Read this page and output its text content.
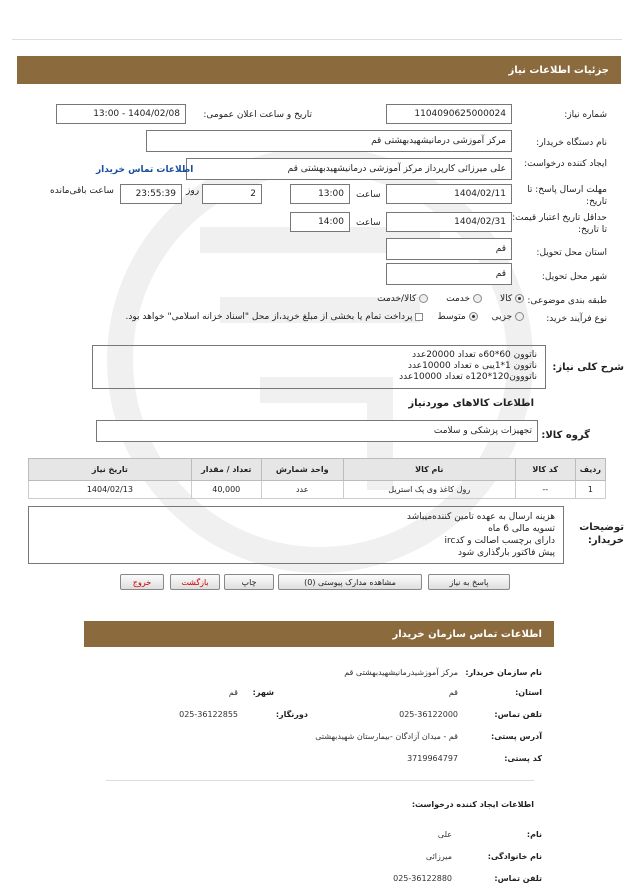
جزئیات اطلاعات نیاز
شماره نیاز:
1104090625000024
تاریخ و ساعت اعلان عمومی:
1404/02/08 - 13:00
نام دستگاه خریدار:
مرکز آموزشی درمانیشهیدبهشتی قم
ایجاد کننده درخواست:
علی میرزائی کارپرداز مرکز آموزشی درمانیشهیدبهشتی قم
اطلاعات تماس خریدار
مهلت ارسال پاسخ: تا تاریخ:
1404/02/11
ساعت
13:00
2
روز
23:55:39
ساعت باقی‌مانده
حداقل تاریخ اعتبار قیمت: تا تاریخ:
1404/02/31
ساعت
14:00
استان محل تحویل:
قم
شهر محل تحویل:
قم
طبقه بندی موضوعی:
کالا
خدمت
کالا/خدمت
نوع فرآیند خرید:
جزیی
متوسط
پرداخت تمام یا بخشی از مبلغ خرید،از محل "اسناد خزانه اسلامی" خواهد بود.
شرح کلی نیاز:
ناتوون 60*60ه تعداد 20000عدد
ناتوون 1*1یبی ه تعداد 10000عدد
ناتووون120*120ه تعداد 10000عدد
اطلاعات کالاهای موردنیاز
گروه کالا:
تجهیزات پزشکی و سلامت
ردیف	کد کالا	نام کالا	واحد شمارش	تعداد / مقدار	تاریخ نیاز
1	--	رول کاغذ وی پک استریل	عدد	40,000	1404/02/13
توضیحات خریدار:
هزینه ارسال به عهده تامین کننده‌میباشد
تسویه مالی 6 ماه
دارای برچسب اصالت و کدirc
پیش فاکتور بارگذاری شود
پاسخ به نیاز
مشاهده مدارک پیوستی (0)
چاپ
بازگشت
خروج
اطلاعات تماس سازمان خریدار
نام سازمان خریدار:
مرکز آموزشیدرمانیشهیدبهشتی قم
استان:
قم
شهر:
قم
تلفن تماس:
025-36122000
دورنگار:
025-36122855
آدرس پستی:
قم - میدان آزادگان -بیمارستان شهیدبهشتی
کد پستی:
3719964797
اطلاعات ایجاد کننده درخواست:
نام:
علی
نام خانوادگی:
میرزائی
تلفن تماس:
025-36122880
